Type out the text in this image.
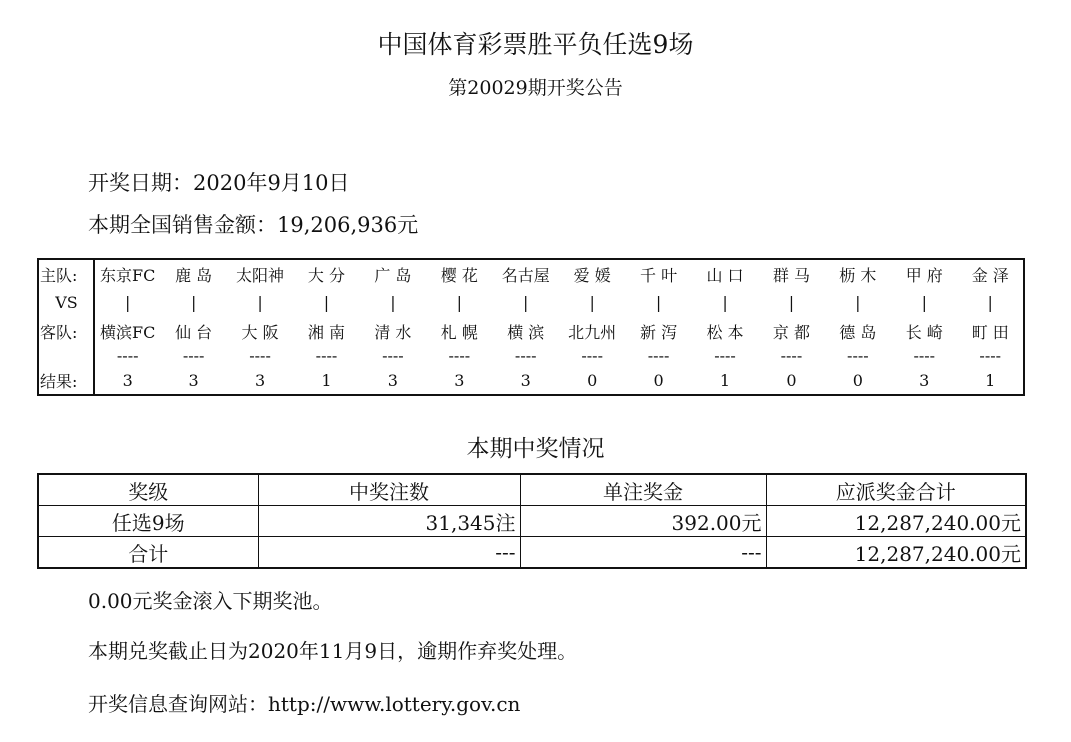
中国体育彩票胜平负任选9场
第20029期开奖公告
开奖日期：2020年9月10日
本期全国销售金额：19,206,936元
主队:	东京FC	鹿 岛	太阳神	大 分	广 岛	樱 花	名古屋	爱 媛	千 叶	山 口	群 马	枥 木	甲 府	金 泽
VS	|	|	|	|	|	|	|	|	|	|	|	|	|	|
客队:	横滨FC	仙 台	大 阪	湘 南	清 水	札 幌	横 滨	北九州	新 泻	松 本	京 都	德 岛	长 崎	町 田
	----	----	----	----	----	----	----	----	----	----	----	----	----	----
结果:	3	3	3	1	3	3	3	0	0	1	0	0	3	1
本期中奖情况
奖级	中奖注数	单注奖金	应派奖金合计
任选9场	31,345注	392.00元	12,287,240.00元
合计	---	---	12,287,240.00元
0.00元奖金滚入下期奖池。
本期兑奖截止日为2020年11月9日，逾期作弃奖处理。
开奖信息查询网站：http://www.lottery.gov.cn
